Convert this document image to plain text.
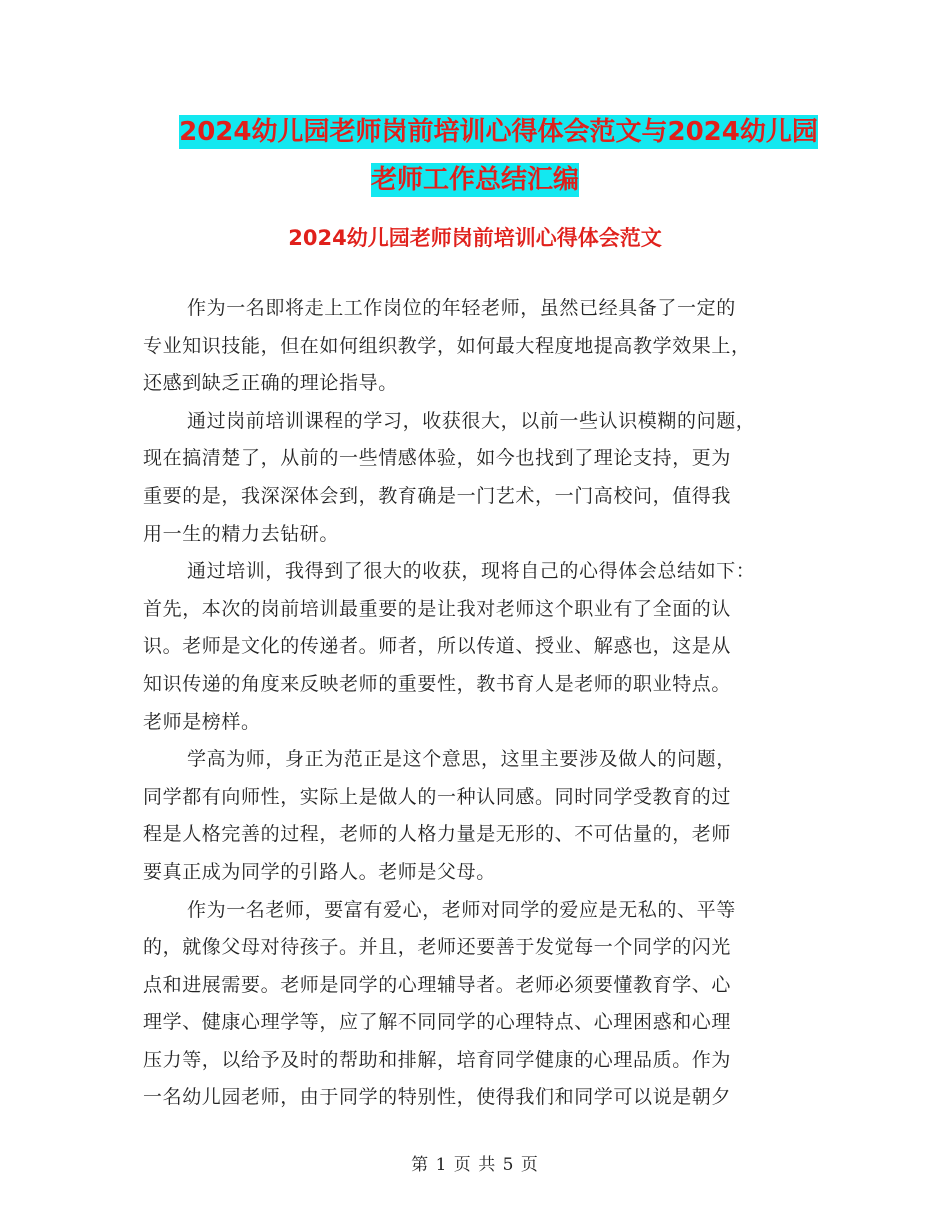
2024幼儿园老师岗前培训心得体会范文与2024幼儿园
老师工作总结汇编
2024幼儿园老师岗前培训心得体会范文

作为一名即将走上工作岗位的年轻老师，虽然已经具备了一定的
专业知识技能，但在如何组织教学，如何最大程度地提高教学效果上，
还感到缺乏正确的理论指导。

通过岗前培训课程的学习，收获很大，以前一些认识模糊的问题，
现在搞清楚了，从前的一些情感体验，如今也找到了理论支持，更为
重要的是，我深深体会到，教育确是一门艺术，一门高校问，值得我
用一生的精力去钻研。

通过培训，我得到了很大的收获，现将自己的心得体会总结如下：
首先，本次的岗前培训最重要的是让我对老师这个职业有了全面的认
识。老师是文化的传递者。师者，所以传道、授业、解惑也，这是从
知识传递的角度来反映老师的重要性，教书育人是老师的职业特点。
老师是榜样。

学高为师，身正为范正是这个意思，这里主要涉及做人的问题，
同学都有向师性，实际上是做人的一种认同感。同时同学受教育的过
程是人格完善的过程，老师的人格力量是无形的、不可估量的，老师
要真正成为同学的引路人。老师是父母。

作为一名老师，要富有爱心，老师对同学的爱应是无私的、平等
的，就像父母对待孩子。并且，老师还要善于发觉每一个同学的闪光
点和进展需要。老师是同学的心理辅导者。老师必须要懂教育学、心
理学、健康心理学等，应了解不同同学的心理特点、心理困惑和心理
压力等，以给予及时的帮助和排解，培育同学健康的心理品质。作为
一名幼儿园老师，由于同学的特别性，使得我们和同学可以说是朝夕

第 1 页 共 5 页
